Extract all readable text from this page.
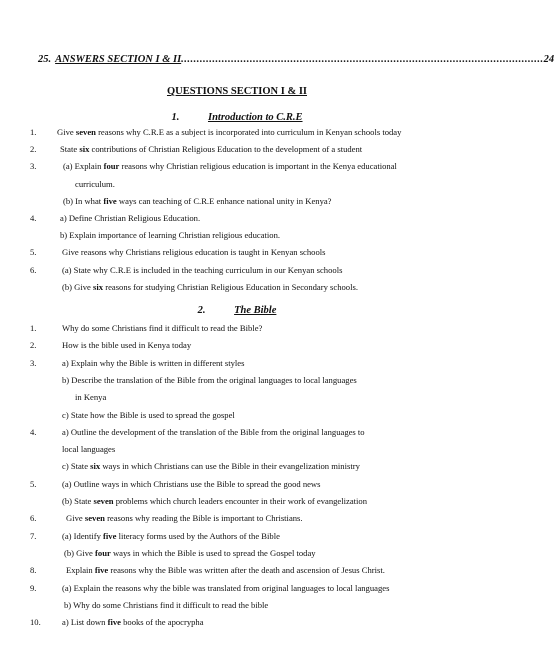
25. ANSWERS SECTION I & II .................................................................................................................... 24
QUESTIONS SECTION I & II
1.	Introduction to C.R.E
1. Give seven reasons why C.R.E as a subject is incorporated into curriculum in Kenyan schools today
2.	State six contributions of Christian Religious Education to the development of a student
3.	(a) Explain four reasons why Christian religious education is important in the Kenya educational
curriculum.
(b) In what five ways can teaching of C.R.E enhance national unity in Kenya?
4.	a) Define Christian Religious Education.
b) Explain importance of learning Christian religious education.
5.	Give reasons why Christians religious education is taught in Kenyan schools
6.	(a) State why C.R.E is included in the teaching curriculum in our Kenyan schools
(b) Give six reasons for studying Christian Religious Education in Secondary schools.
2.	The Bible
1.	Why do some Christians find it difficult to read the Bible?
2.	How is the bible used in Kenya today
3.	a) Explain why the Bible is written in different styles
b) Describe the translation of the Bible from the original languages to local languages
in Kenya
c) State how the Bible is used to spread the gospel
4.	a) Outline the development of the translation of the Bible from the original languages to
local languages
c) State six ways in which Christians can use the Bible in their evangelization ministry
5.	(a) Outline ways in which Christians use the Bible to spread the good news
(b) State seven problems which church leaders encounter in their work of evangelization
6.	Give seven reasons why reading the Bible is important to Christians.
7.	(a) Identify five literacy forms used by the Authors of the Bible
(b) Give four ways in which the Bible is used to spread the Gospel today
8.	Explain five reasons why the Bible was written after the death and ascension of Jesus Christ.
9.	(a) Explain the reasons why the bible was translated from original languages to local languages
b) Why do some Christians find it difficult to read the bible
10. a) List down five books of the apocrypha
